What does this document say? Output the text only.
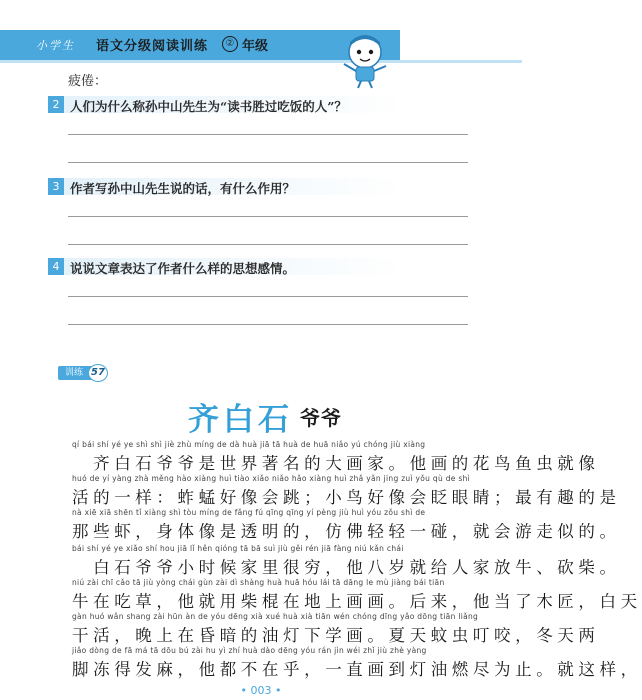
小学生 语文分级阅读训练	② 年级
疲倦：
2 人们为什么称孙中山先生为“读书胜过吃饭的人”？
3 作者写孙中山先生说的话，有什么作用？
4 说说文章表达了作者什么样的思想感情。
训练 57
齐白石 爷爷
qí bái shí yé ye shì shì jiè zhù míng de dà huà jiā tā huà de huā niǎo yú chóng jiù xiàng
　齐白石爷爷是世界著名的大画家。他画的花鸟鱼虫就像
huó de yí yàng zhà měng hào xiàng huì tiào xiǎo niǎo hǎo xiàng huì zhǎ yǎn jing zuì yǒu qù de shì
活的一样：蚱蜢好像会跳；小鸟好像会眨眼睛；最有趣的是
nà xiē xiā shēn tǐ xiàng shì tòu míng de fǎng fú qīng qīng yí pèng jiù huì yóu zǒu shì de
那些虾，身体像是透明的，仿佛轻轻一碰，就会游走似的。
bái shí yé ye xiǎo shí hou jiā lǐ hěn qióng tā bā suì jiù gěi rén jiā fàng niú kǎn chái
　白石爷爷小时候家里很穷，他八岁就给人家放牛、砍柴。
niú zài chī cǎo tā jiù yòng chái gùn zài dì shàng huà huā hóu lái tā dāng le mù jiàng bái tiān
牛在吃草，他就用柴棍在地上画画。后来，他当了木匠，白天
gàn huó wǎn shang zài hūn àn de yóu dēng xià xué huà xià tiān wén chóng dīng yǎo dōng tiān liǎng
干活，晚上在昏暗的油灯下学画。夏天蚊虫叮咬，冬天两
jiǎo dòng de fā má tā dōu bú zài hu yì zhí huà dào dēng yóu rán jìn wéi zhǐ jiù zhè yàng
脚冻得发麻，他都不在乎，一直画到灯油燃尽为止。就这样，
• 003 •
